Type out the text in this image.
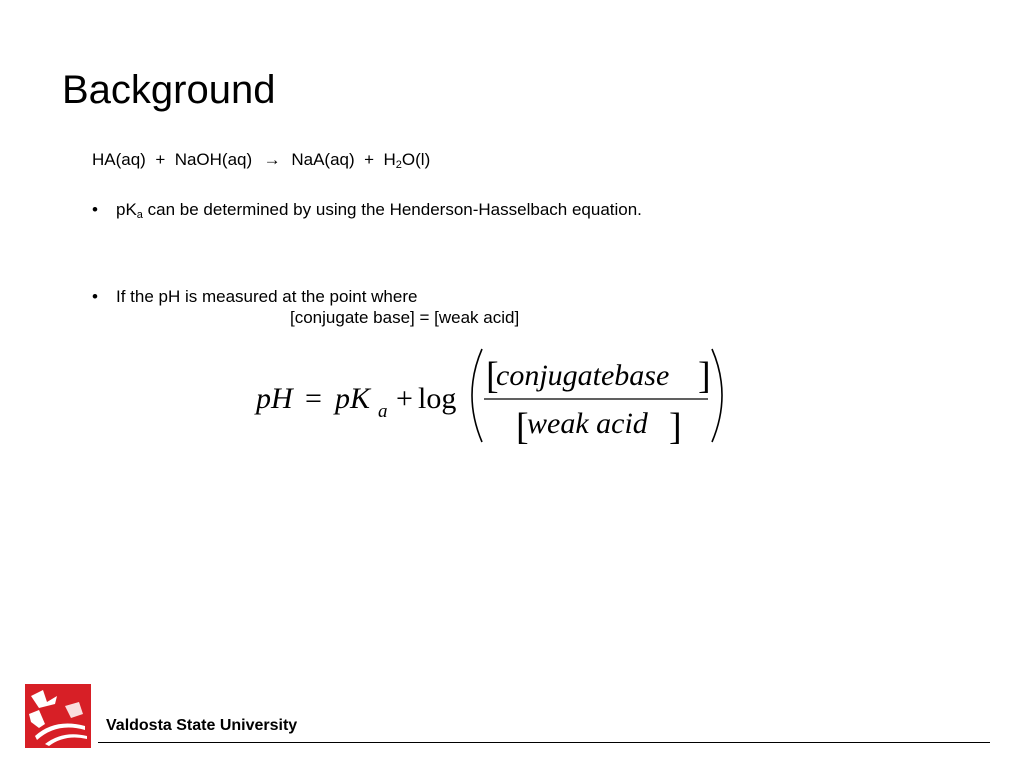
Background
HA(aq) + NaOH(aq) → $NaA(aq) + H_2O(l)$
• $pK_a$ can be determined by using the Henderson-Hasselbach equation.
• If the pH is measured at the point where
[conjugate base] = [weak acid]
pH = pK a + log
[
conjugatebase ]
[
weak acid ]
Valdosta State University
